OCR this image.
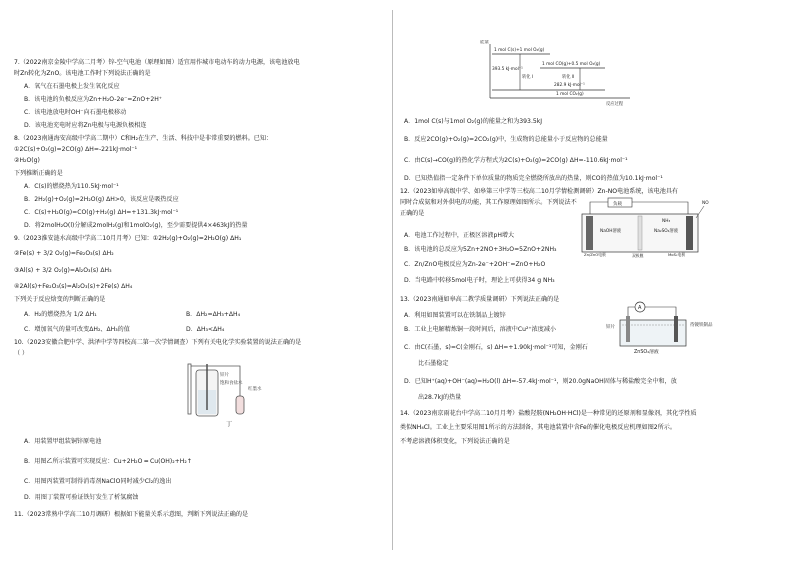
7.（2022南京金陵中学高二月考）锌-空气电池（原理如图）适宜用作城市电动车的动力电源，该电池放电
时Zn转化为ZnO。该电池工作时下列说法正确的是
A．氧气在石墨电极上发生氧化反应
B．该电池的负极反应为Zn+H₂O-2e⁻=ZnO+2H⁺
C．该电池放电时OH⁻向石墨电极移动
D．该电池充电时应将Zn电极与电源负极相连
8.（2023南通海安高级中学高二期中）C和H₂在生产、生活、科技中是非常重要的燃料。已知：
①2C(s)+O₂(g)=2CO(g) ΔH=-221kJ·mol⁻¹
②H₂O(g)
下列推断正确的是
A．C(s)的燃烧热为110.5kJ·mol⁻¹
B．2H₂(g)+O₂(g)=2H₂O(g) ΔH>0，该反应是吸热反应
C．C(s)+H₂O(g)=CO(g)+H₂(g) ΔH=+131.3kJ·mol⁻¹
D．将2molH₂O(l)分解成2molH₂(g)和1molO₂(g)，至少需要提供4×463kJ的热量
9.（2023淮安涟水高级中学高二10月月考）已知：①2H₂(g)+O₂(g)=2H₂O(g) ΔH₁
②Fe(s) + 3/2 O₂(g)=Fe₂O₃(s) ΔH₂
③Al(s) + 3/2 O₂(g)=Al₂O₃(s) ΔH₃
④2Al(s)+Fe₂O₃(s)=Al₂O₃(s)+2Fe(s) ΔH₄
下列关于反应焓变的判断正确的是
A．H₂的燃烧热为 1/2 ΔH₁	B．ΔH₂=ΔH₃+ΔH₄
C．增加氧气的量可改变ΔH₂、ΔH₃的值	D．ΔH₃<ΔH₄
10.（2023安徽合肥中学、洪泽中学等四校高二第一次学情调查）下列有关电化学实验装置的说法正确的是
（ ）
锌片
饱和食盐水
红墨水
丁
A．用装置甲组装铜锌原电池
B．用图乙所示装置可实现反应：Cu+2H₂O ═ Cu(OH)₂+H₂↑
C．用图丙装置可制得消毒剂NaClO同时减少Cl₂的逸出
D．用图丁装置可验证铁钉发生了析氢腐蚀
11.（2023常熟中学高二10月调研）根据如下能量关系示意图，判断下列说法正确的是
能量
1 mol C(s)+1 mol O₂(g)
1 mol CO(g)+0.5 mol O₂(g)
393.5 kJ·mol⁻¹
转化 Ⅰ	转化 Ⅱ
282.9 kJ·mol⁻¹
1 mol CO₂(g)
反应过程
A．1mol C(s)与1mol O₂(g)的能量之和为393.5kJ
B．反应2CO(g)+O₂(g)=2CO₂(g)中，生成物的总能量小于反应物的总能量
C．由C(s)→CO(g)的热化学方程式为2C(s)+O₂(g)=2CO(g) ΔH=-110.6kJ·mol⁻¹
D．已知热值指一定条件下单位质量的物质完全燃烧所放出的热量，则CO的热值为10.1kJ·mol⁻¹
12.（2023如皋高级中学、如皋第三中学等三校高二10月学情检测调研）Zn-NO电池系统，该电池具有
同时合成氨和对外供电的功能，其工作原理如图所示。下列说法不
正确的是
负载
NaOH溶液	Na₂SO₄溶液
Zn/ZnO电极	MoS₂电极
双极膜
NO
NH₃
A．电池工作过程中，正极区溶液pH增大
B．该电池的总反应为5Zn+2NO+3H₂O=5ZnO+2NH₃
C．Zn/ZnO电极反应为Zn-2e⁻+2OH⁻=ZnO+H₂O
D．当电路中转移5mol电子时，理论上可获得34 g NH₃
13.（2023南通如皋高二教学质量调研）下列说法正确的是
A
锌片	待镀铁制品
ZnSO₄溶液
A．利用如图装置可以在铁制品上镀锌
B．工业上电解精炼铜一段时间后，溶液中Cu²⁺浓度减小
C．由C(石墨，s)=C(金刚石，s) ΔH=+1.90kJ·mol⁻¹可知，金刚石
比石墨稳定
D．已知H⁺(aq)+OH⁻(aq)=H₂O(l) ΔH=-57.4kJ·mol⁻¹，则20.0gNaOH固体与稀盐酸完全中和，放
出28.7kJ的热量
14.（2023南京雨花台中学高二10月月考）盐酸羟胺(NH₂OH·HCl)是一种常见的还原剂和显像剂，其化学性质
类似NH₄Cl。工业上主要采用图1所示的方法制备，其电池装置中含Fe的催化电极反应机理如图2所示。
不考虑溶液体积变化，下列说法正确的是
